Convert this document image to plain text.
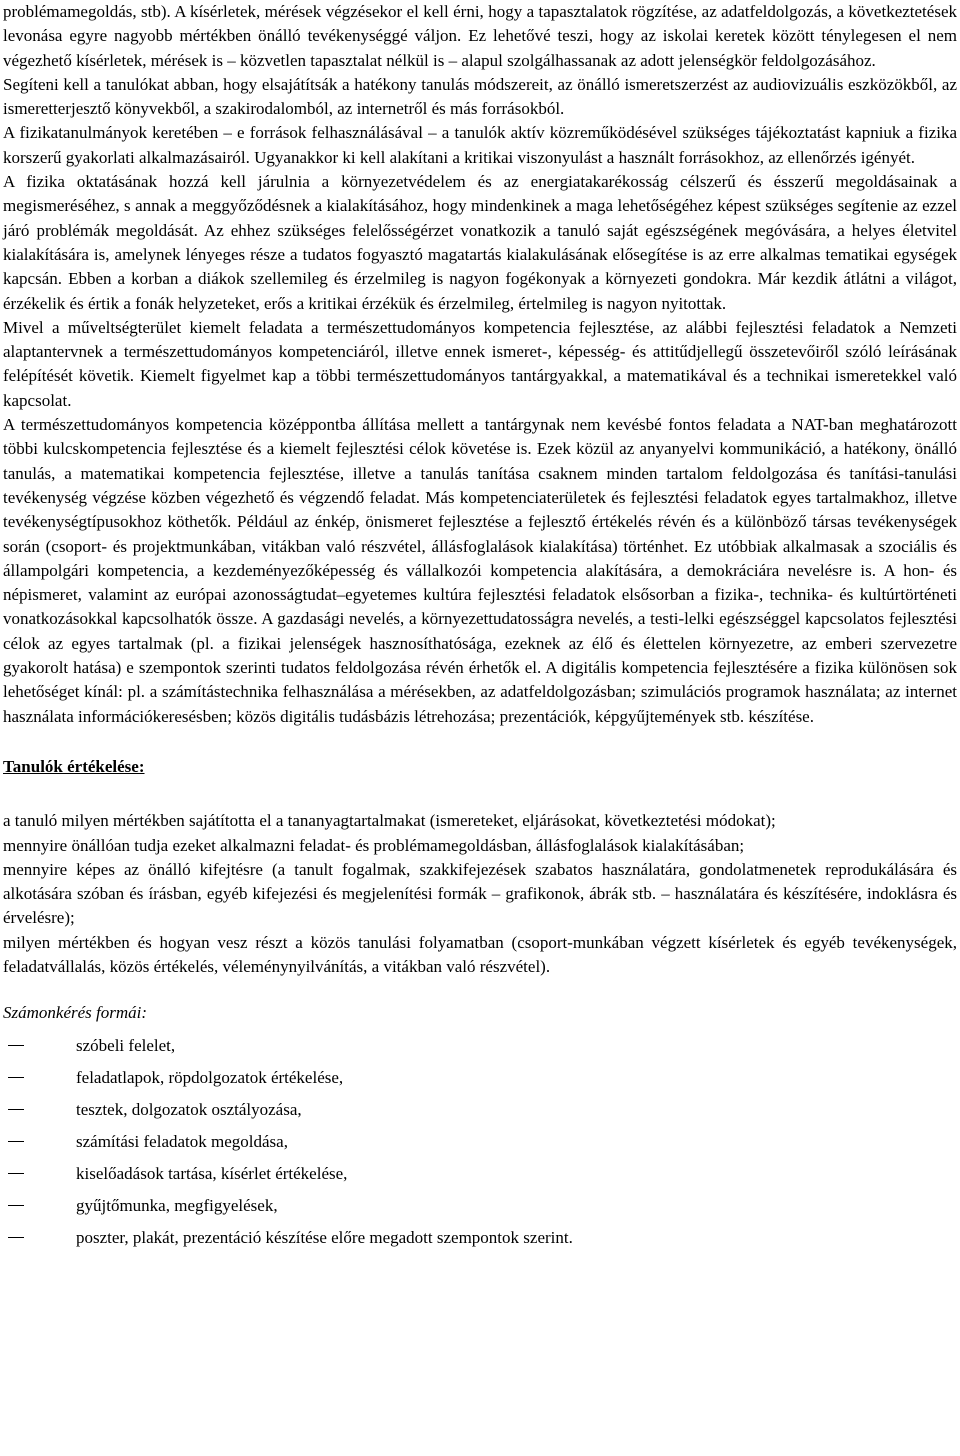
problémamegoldás, stb). A kísérletek, mérések végzésekor el kell érni, hogy a tapasztalatok rögzítése, az adatfeldolgozás, a következtetések levonása egyre nagyobb mértékben önálló tevékenységgé váljon. Ez lehetővé teszi, hogy az iskolai keretek között ténylegesen el nem végezhető kísérletek, mérések is – közvetlen tapasztalat nélkül is – alapul szolgálhassanak az adott jelenségkör feldolgozásához.

Segíteni kell a tanulókat abban, hogy elsajátítsák a hatékony tanulás módszereit, az önálló ismeretszerzést az audiovizuális eszközökből, az ismeretterjesztő könyvekből, a szakirodalomból, az internetről és más forrásokból.

A fizikatanulmányok keretében – e források felhasználásával – a tanulók aktív közreműködésével szükséges tájékoztatást kapniuk a fizika korszerű gyakorlati alkalmazásairól. Ugyanakkor ki kell alakítani a kritikai viszonyulást a használt forrásokhoz, az ellenőrzés igényét.

A fizika oktatásának hozzá kell járulnia a környezetvédelem és az energiatakarékosság célszerű és ésszerű megoldásainak a megismeréséhez, s annak a meggyőződésnek a kialakításához, hogy mindenkinek a maga lehetőségéhez képest szükséges segítenie az ezzel járó problémák megoldását. Az ehhez szükséges felelősségérzet vonatkozik a tanuló saját egészségének megóvására, a helyes életvitel kialakítására is, amelynek lényeges része a tudatos fogyasztó magatartás kialakulásának elősegítése is az erre alkalmas tematikai egységek kapcsán. Ebben a korban a diákok szellemileg és érzelmileg is nagyon fogékonyak a környezeti gondokra. Már kezdik átlátni a világot, érzékelik és értik a fonák helyzeteket, erős a kritikai érzékük és érzelmileg, értelmileg is nagyon nyitottak.

Mivel a műveltségterület kiemelt feladata a természettudományos kompetencia fejlesztése, az alábbi fejlesztési feladatok a Nemzeti alaptantervnek a természettudományos kompetenciáról, illetve ennek ismeret-, képesség- és attitűdjellegű összetevőiről szóló leírásának felépítését követik. Kiemelt figyelmet kap a többi természettudományos tantárgyakkal, a matematikával és a technikai ismeretekkel való kapcsolat.

A természettudományos kompetencia középpontba állítása mellett a tantárgynak nem kevésbé fontos feladata a NAT-ban meghatározott többi kulcskompetencia fejlesztése és a kiemelt fejlesztési célok követése is. Ezek közül az anyanyelvi kommunikáció, a hatékony, önálló tanulás, a matematikai kompetencia fejlesztése, illetve a tanulás tanítása csaknem minden tartalom feldolgozása és tanítási-tanulási tevékenység végzése közben végezhető és végzendő feladat. Más kompetenciaterületek és fejlesztési feladatok egyes tartalmakhoz, illetve tevékenységtípusokhoz köthetők. Például az énkép, önismeret fejlesztése a fejlesztő értékelés révén és a különböző társas tevékenységek során (csoport- és projektmunkában, vitákban való részvétel, állásfoglalások kialakítása) történhet. Ez utóbbiak alkalmasak a szociális és állampolgári kompetencia, a kezdeményezőképesség és vállalkozói kompetencia alakítására, a demokráciára nevelésre is. A hon- és népismeret, valamint az európai azonosságtudat–egyetemes kultúra fejlesztési feladatok elsősorban a fizika-, technika- és kultúrtörténeti vonatkozásokkal kapcsolhatók össze. A gazdasági nevelés, a környezettudatosságra nevelés, a testi-lelki egészséggel kapcsolatos fejlesztési célok az egyes tartalmak (pl. a fizikai jelenségek hasznosíthatósága, ezeknek az élő és élettelen környezetre, az emberi szervezetre gyakorolt hatása) e szempontok szerinti tudatos feldolgozása révén érhetők el. A digitális kompetencia fejlesztésére a fizika különösen sok lehetőséget kínál: pl. a számítástechnika felhasználása a mérésekben, az adatfeldolgozásban; szimulációs programok használata; az internet használata információkeresésben; közös digitális tudásbázis létrehozása; prezentációk, képgyűjtemények stb. készítése.

Tanulók értékelése:

a tanuló milyen mértékben sajátította el a tananyagtartalmakat (ismereteket, eljárásokat, következtetési módokat);

mennyire önállóan tudja ezeket alkalmazni feladat- és problémamegoldásban, állásfoglalások kialakításában;

mennyire képes az önálló kifejtésre (a tanult fogalmak, szakkifejezések szabatos használatára, gondolatmenetek reprodukálására és alkotására szóban és írásban, egyéb kifejezési és megjelenítési formák – grafikonok, ábrák stb. – használatára és készítésére, indoklásra és érvelésre);

milyen mértékben és hogyan vesz részt a közös tanulási folyamatban (csoport-munkában végzett kísérletek és egyéb tevékenységek, feladatvállalás, közös értékelés, véleménynyilvánítás, a vitákban való részvétel).

Számonkérés formái:
szóbeli felelet,
feladatlapok, röpdolgozatok értékelése,
tesztek, dolgozatok osztályozása,
számítási feladatok megoldása,
kiselőadások tartása, kísérlet értékelése,
gyűjtőmunka, megfigyelések,
poszter, plakát, prezentáció készítése előre megadott szempontok szerint.
